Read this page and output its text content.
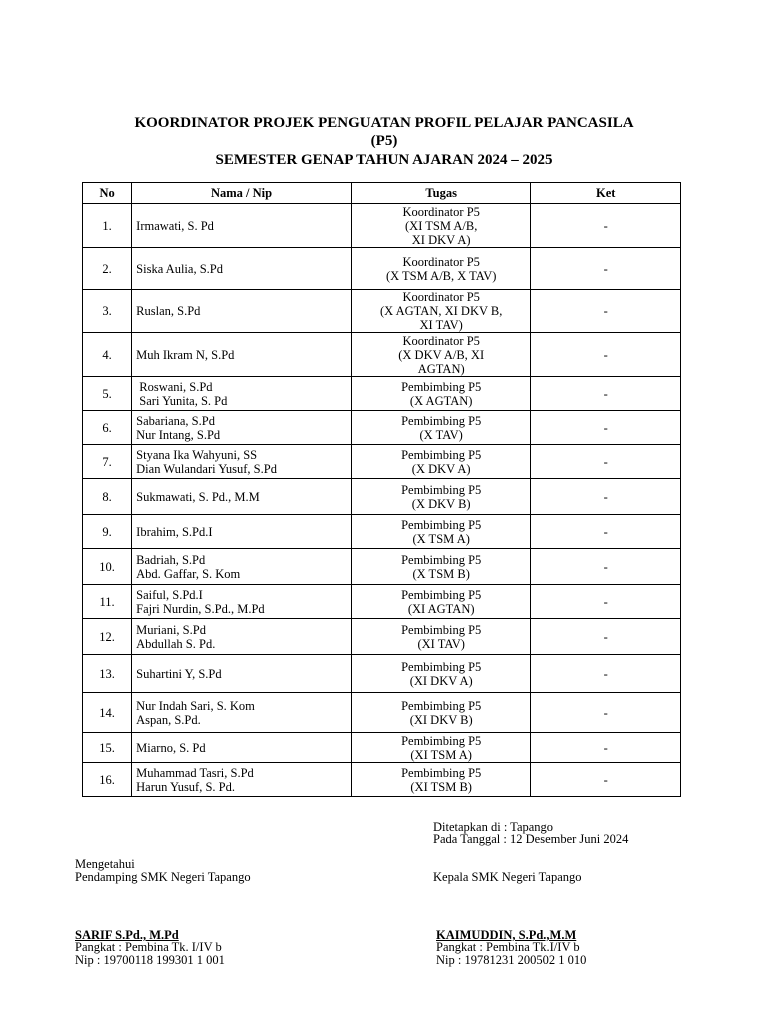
KOORDINATOR PROJEK PENGUATAN PROFIL PELAJAR PANCASILA
(P5)
SEMESTER GENAP TAHUN AJARAN 2024 – 2025
No	Nama / Nip	Tugas	Ket
1.	Irmawati, S. Pd	Koordinator P5
(XI TSM A/B,
XI DKV A)	-
2.	Siska Aulia, S.Pd	Koordinator P5
(X TSM A/B, X TAV)	-
3.	Ruslan, S.Pd	Koordinator P5
(X AGTAN, XI DKV B,
XI TAV)	-
4.	Muh Ikram N, S.Pd	Koordinator P5
(X DKV A/B, XI
AGTAN)	-
5.	Roswani, S.Pd
Sari Yunita, S. Pd	Pembimbing P5
(X AGTAN)	-
6.	Sabariana, S.Pd
Nur Intang, S.Pd	Pembimbing P5
(X TAV)	-
7.	Styana Ika Wahyuni, SS
Dian Wulandari Yusuf, S.Pd	Pembimbing P5
(X DKV A)	-
8.	Sukmawati, S. Pd., M.M	Pembimbing P5
(X DKV B)	-
9.	Ibrahim, S.Pd.I	Pembimbing P5
(X TSM A)	-
10.	Badriah, S.Pd
Abd. Gaffar, S. Kom	Pembimbing P5
(X TSM B)	-
11.	Saiful, S.Pd.I
Fajri Nurdin, S.Pd., M.Pd	Pembimbing P5
(XI AGTAN)	-
12.	Muriani, S.Pd
Abdullah S. Pd.	Pembimbing P5
(XI TAV)	-
13.	Suhartini Y, S.Pd	Pembimbing P5
(XI DKV A)	-
14.	Nur Indah Sari, S. Kom
Aspan, S.Pd.	Pembimbing P5
(XI DKV B)	-
15.	Miarno, S. Pd	Pembimbing P5
(XI TSM A)	-
16.	Muhammad Tasri, S.Pd
Harun Yusuf, S. Pd.	Pembimbing P5
(XI TSM B)	-
Ditetapkan di : Tapango
Pada Tanggal : 12 Desember Juni 2024
Mengetahui
Pendamping SMK Negeri Tapango	Kepala SMK Negeri Tapango
SARIF S.Pd., M.Pd
Pangkat : Pembina Tk. I/IV b
Nip : 19700118 199301 1 001
KAIMUDDIN, S.Pd.,M.M
Pangkat : Pembina Tk.I/IV b
Nip : 19781231 200502 1 010
